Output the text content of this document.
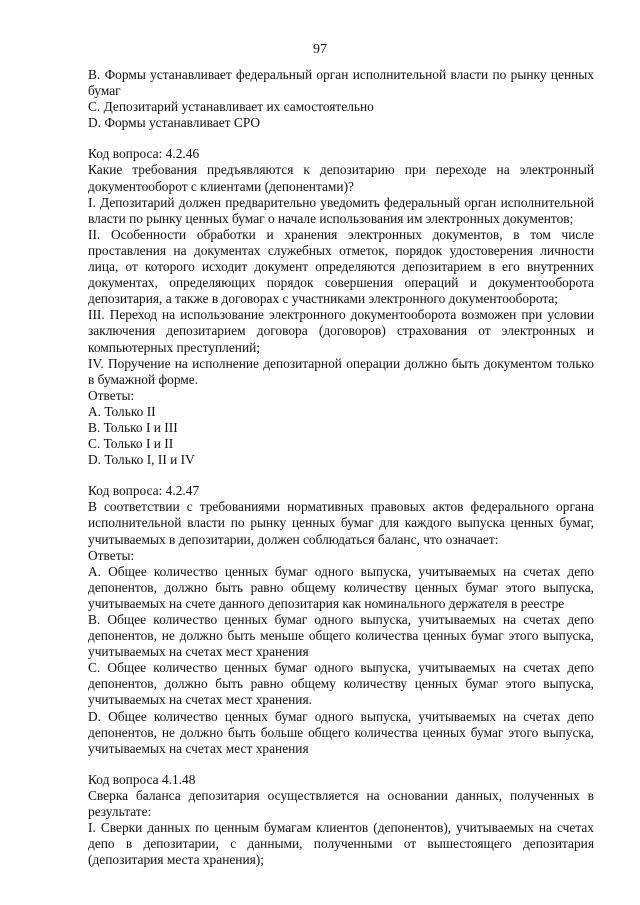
97

B. Формы устанавливает федеральный орган исполнительной власти по рынку ценных бумаг

C. Депозитарий устанавливает их самостоятельно

D. Формы устанавливает СРО

Код вопроса: 4.2.46

Какие требования предъявляются к депозитарию при переходе на электронный документооборот с клиентами (депонентами)?

I. Депозитарий должен предварительно уведомить федеральный орган исполнительной власти по рынку ценных бумаг о начале использования им электронных документов;

II. Особенности обработки и хранения электронных документов, в том числе проставления на документах служебных отметок, порядок удостоверения личности лица, от которого исходит документ определяются депозитарием в его внутренних документах, определяющих порядок совершения операций и документооборота депозитария, а также в договорах с участниками электронного документооборота;

III. Переход на использование электронного документооборота возможен при условии заключения депозитарием договора (договоров) страхования от электронных и компьютерных преступлений;

IV. Поручение на исполнение депозитарной операции должно быть документом только в бумажной форме.

Ответы:

A. Только II

B. Только I и III

C. Только I и II

D. Только I, II и IV

Код вопроса: 4.2.47

В соответствии с требованиями нормативных правовых актов федерального органа исполнительной власти по рынку ценных бумаг для каждого выпуска ценных бумаг, учитываемых в депозитарии, должен соблюдаться баланс, что означает:

Ответы:

A. Общее количество ценных бумаг одного выпуска, учитываемых на счетах депо депонентов, должно быть равно общему количеству ценных бумаг этого выпуска, учитываемых на счете данного депозитария как номинального держателя в реестре

B. Общее количество ценных бумаг одного выпуска, учитываемых на счетах депо депонентов, не должно быть меньше общего количества ценных бумаг этого выпуска, учитываемых на счетах мест хранения

C. Общее количество ценных бумаг одного выпуска, учитываемых на счетах депо депонентов, должно быть равно общему количеству ценных бумаг этого выпуска, учитываемых на счетах мест хранения.

D. Общее количество ценных бумаг одного выпуска, учитываемых на счетах депо депонентов, не должно быть больше общего количества ценных бумаг этого выпуска, учитываемых на счетах мест хранения

Код вопроса 4.1.48

Сверка баланса депозитария осуществляется на основании данных, полученных в результате:

I. Сверки данных по ценным бумагам клиентов (депонентов), учитываемых на счетах депо в депозитарии, с данными, полученными от вышестоящего депозитария (депозитария места хранения);
